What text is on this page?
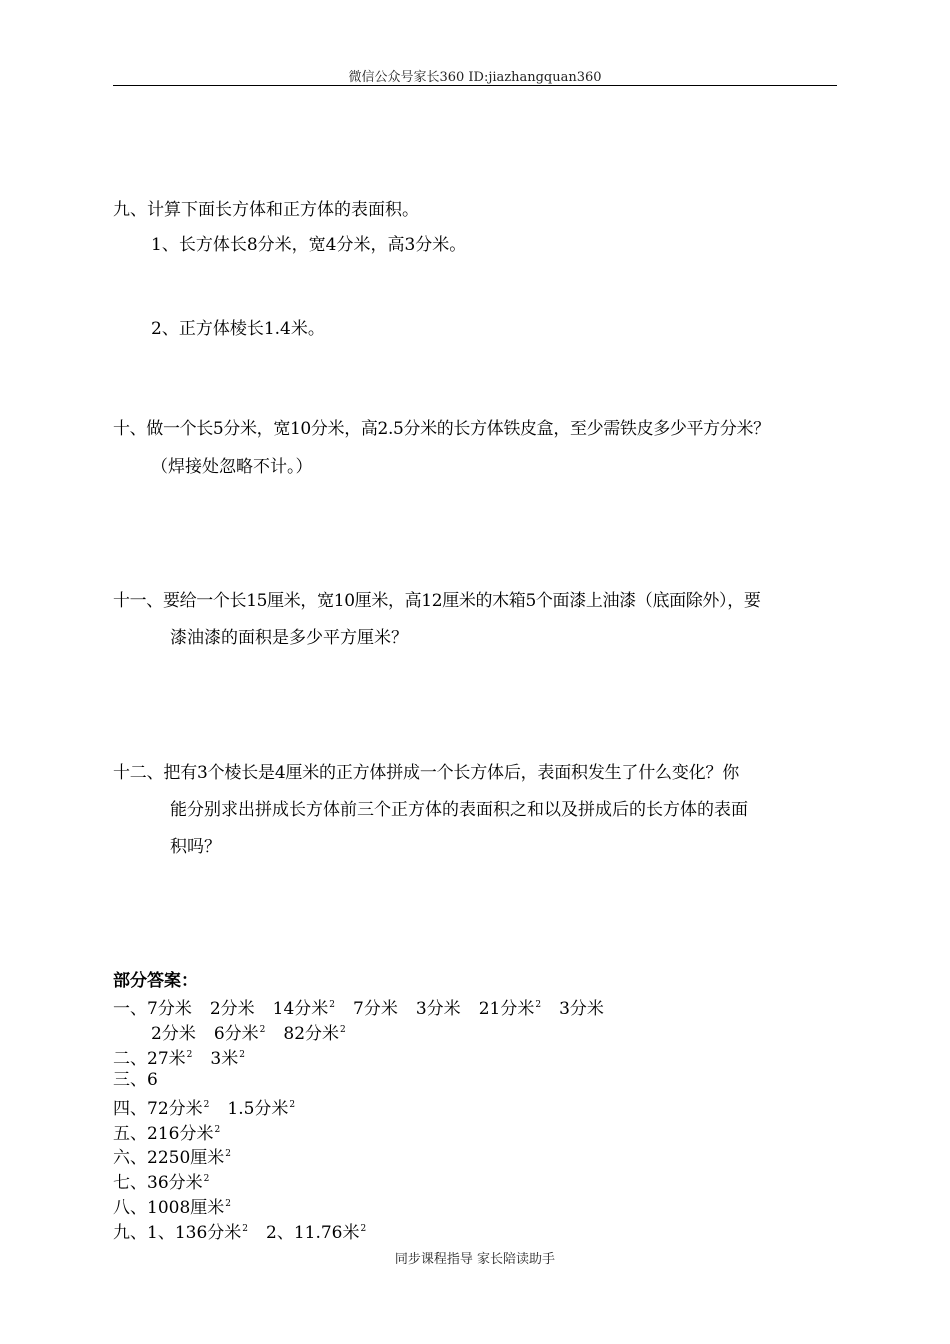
微信公众号家长360 ID:jiazhangquan360
九、计算下面长方体和正方体的表面积。
1、长方体长8分米，宽4分米，高3分米。
2、正方体棱长1.4米。
十、做一个长5分米，宽10分米，高2.5分米的长方体铁皮盒，至少需铁皮多少平方分米？
（焊接处忽略不计。）
十一、要给一个长15厘米，宽10厘米，高12厘米的木箱5个面漆上油漆（底面除外），要
漆油漆的面积是多少平方厘米？
十二、把有3个棱长是4厘米的正方体拼成一个长方体后，表面积发生了什么变化？你
能分别求出拼成长方体前三个正方体的表面积之和以及拼成后的长方体的表面
积吗？
部分答案：
一、7分米 2分米 14分米$^2$ 7分米 3分米 21分米$^2$ 3分米
2分米 6分米$^2$ 82分米$^2$
二、27米$^2$ 3米$^2$
三、6
四、72分米$^2$ 1.5分米$^2$
五、216分米$^2$
六、2250厘米$^2$
七、36分米$^2$
八、1008厘米$^2$
九、1、136分米$^2$ 2、11.76米$^2$
同步课程指导 家长陪读助手
